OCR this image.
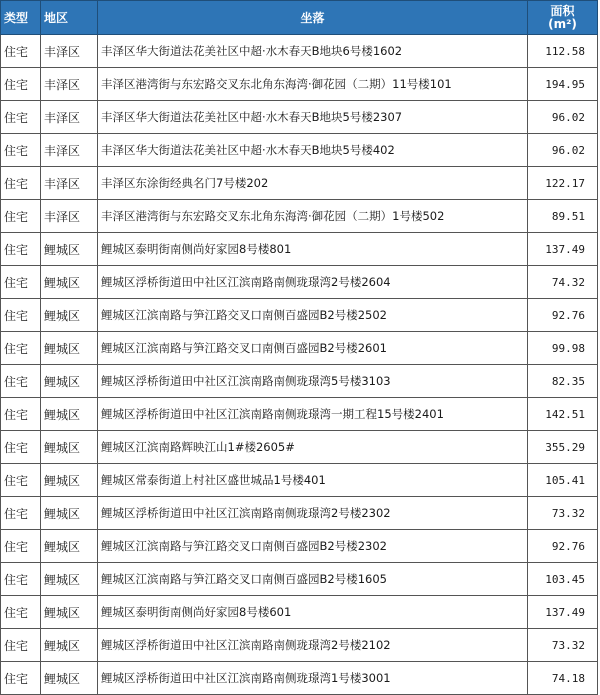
类型	地区	坐落	面积
(m²)
住宅	丰泽区	丰泽区华大街道法花美社区中超·水木春天B地块6号楼1602	112.58
住宅	丰泽区	丰泽区港湾街与东宏路交叉东北角东海湾·御花园（二期）11号楼101	194.95
住宅	丰泽区	丰泽区华大街道法花美社区中超·水木春天B地块5号楼2307	96.02
住宅	丰泽区	丰泽区华大街道法花美社区中超·水木春天B地块5号楼402	96.02
住宅	丰泽区	丰泽区东涂街经典名门7号楼202	122.17
住宅	丰泽区	丰泽区港湾街与东宏路交叉东北角东海湾·御花园（二期）1号楼502	89.51
住宅	鲤城区	鲤城区泰明街南侧尚好家园8号楼801	137.49
住宅	鲤城区	鲤城区浮桥街道田中社区江滨南路南侧珑璟湾2号楼2604	74.32
住宅	鲤城区	鲤城区江滨南路与笋江路交叉口南侧百盛园B2号楼2502	92.76
住宅	鲤城区	鲤城区江滨南路与笋江路交叉口南侧百盛园B2号楼2601	99.98
住宅	鲤城区	鲤城区浮桥街道田中社区江滨南路南侧珑璟湾5号楼3103	82.35
住宅	鲤城区	鲤城区浮桥街道田中社区江滨南路南侧珑璟湾一期工程15号楼2401	142.51
住宅	鲤城区	鲤城区江滨南路辉映江山1#楼2605#	355.29
住宅	鲤城区	鲤城区常泰街道上村社区盛世城品1号楼401	105.41
住宅	鲤城区	鲤城区浮桥街道田中社区江滨南路南侧珑璟湾2号楼2302	73.32
住宅	鲤城区	鲤城区江滨南路与笋江路交叉口南侧百盛园B2号楼2302	92.76
住宅	鲤城区	鲤城区江滨南路与笋江路交叉口南侧百盛园B2号楼1605	103.45
住宅	鲤城区	鲤城区泰明街南侧尚好家园8号楼601	137.49
住宅	鲤城区	鲤城区浮桥街道田中社区江滨南路南侧珑璟湾2号楼2102	73.32
住宅	鲤城区	鲤城区浮桥街道田中社区江滨南路南侧珑璟湾1号楼3001	74.18
